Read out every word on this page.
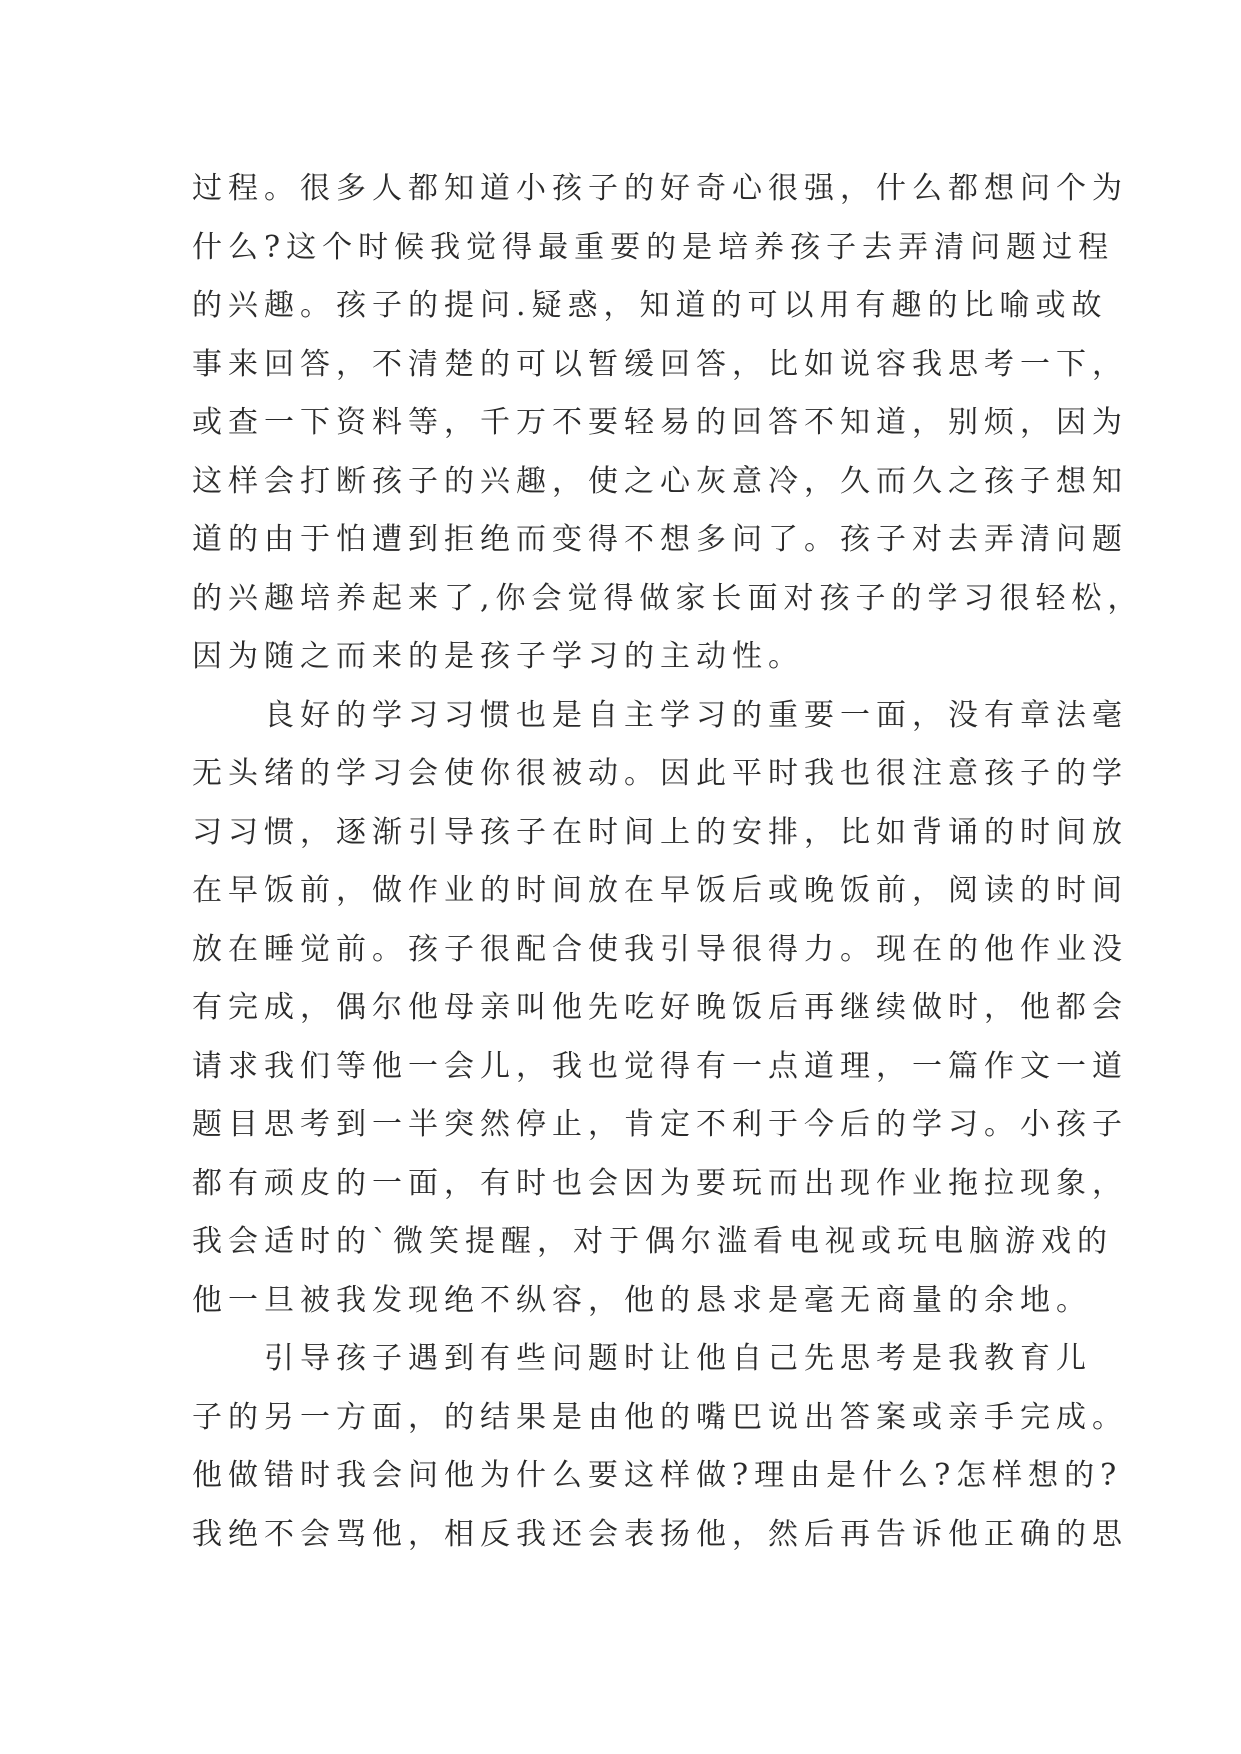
过程。很多人都知道小孩子的好奇心很强，什么都想问个为
什么?这个时候我觉得最重要的是培养孩子去弄清问题过程
的兴趣。孩子的提问.疑惑，知道的可以用有趣的比喻或故
事来回答，不清楚的可以暂缓回答，比如说容我思考一下，
或查一下资料等，千万不要轻易的回答不知道，别烦，因为
这样会打断孩子的兴趣，使之心灰意冷，久而久之孩子想知
道的由于怕遭到拒绝而变得不想多问了。孩子对去弄清问题
的兴趣培养起来了,你会觉得做家长面对孩子的学习很轻松，
因为随之而来的是孩子学习的主动性。
良好的学习习惯也是自主学习的重要一面，没有章法毫
无头绪的学习会使你很被动。因此平时我也很注意孩子的学
习习惯，逐渐引导孩子在时间上的安排，比如背诵的时间放
在早饭前，做作业的时间放在早饭后或晚饭前，阅读的时间
放在睡觉前。孩子很配合使我引导很得力。现在的他作业没
有完成，偶尔他母亲叫他先吃好晚饭后再继续做时，他都会
请求我们等他一会儿，我也觉得有一点道理，一篇作文一道
题目思考到一半突然停止，肯定不利于今后的学习。小孩子
都有顽皮的一面，有时也会因为要玩而出现作业拖拉现象，
我会适时的`微笑提醒，对于偶尔滥看电视或玩电脑游戏的
他一旦被我发现绝不纵容，他的恳求是毫无商量的余地。
引导孩子遇到有些问题时让他自己先思考是我教育儿
子的另一方面，的结果是由他的嘴巴说出答案或亲手完成。
他做错时我会问他为什么要这样做?理由是什么?怎样想的?
我绝不会骂他，相反我还会表扬他，然后再告诉他正确的思
